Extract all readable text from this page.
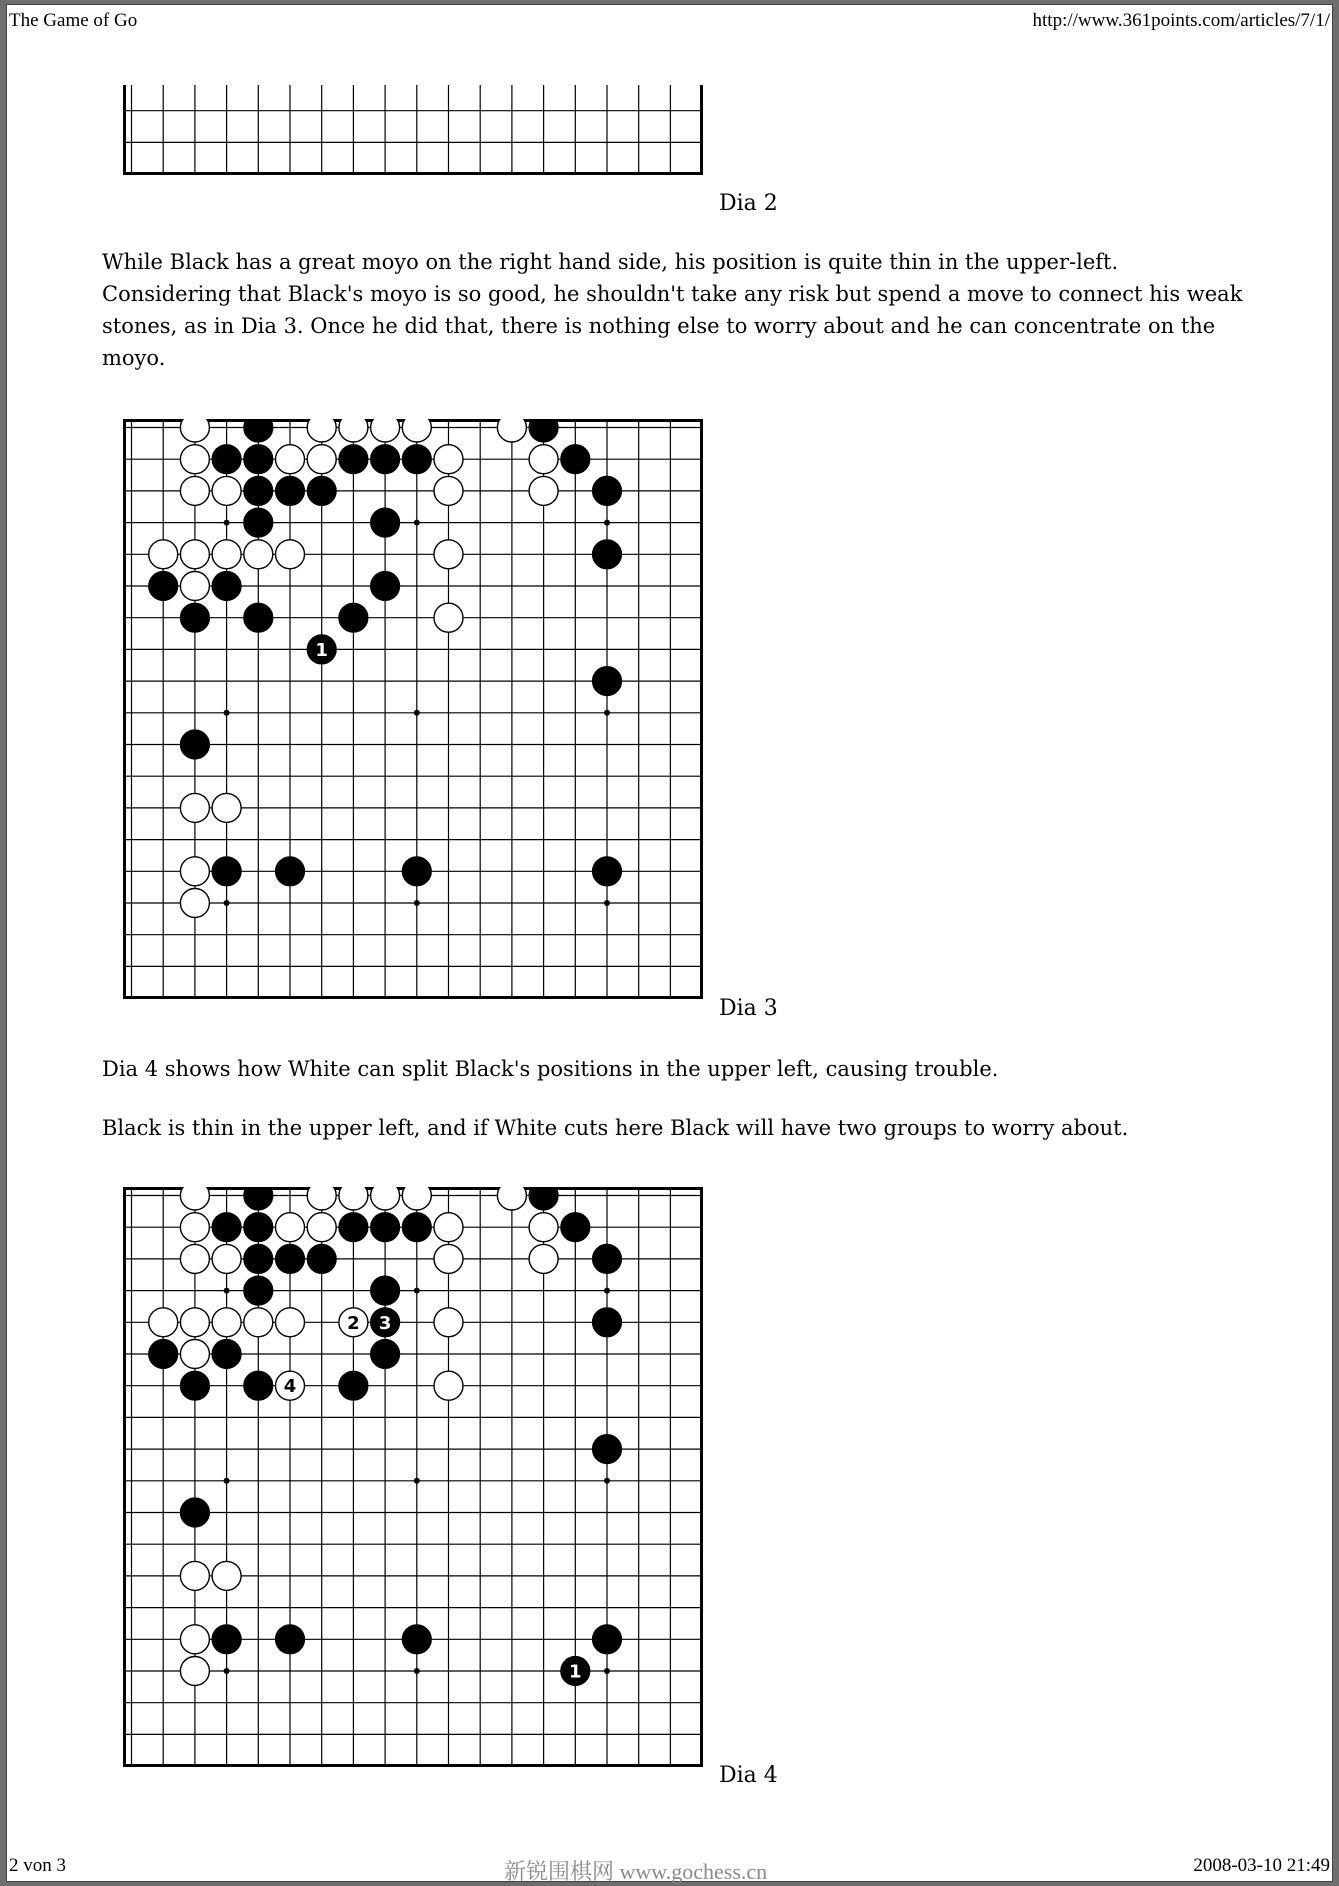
The Game of Go	http://www.361points.com/articles/7/1/
1
Dia 2

While Black has a great moyo on the right hand side, his position is quite thin in the upper-left. Considering that Black's moyo is so good, he shouldn't take any risk but spend a move to connect his weak stones, as in Dia 3. Once he did that, there is nothing else to worry about and he can concentrate on the moyo.

1
Dia 3

Dia 4 shows how White can split Black's positions in the upper left, causing trouble.

Black is thin in the upper left, and if White cuts here Black will have two groups to worry about.

2 3
4
1
Dia 4
2 von 3	新锐围棋网 www.gochess.cn	2008-03-10 21:49
